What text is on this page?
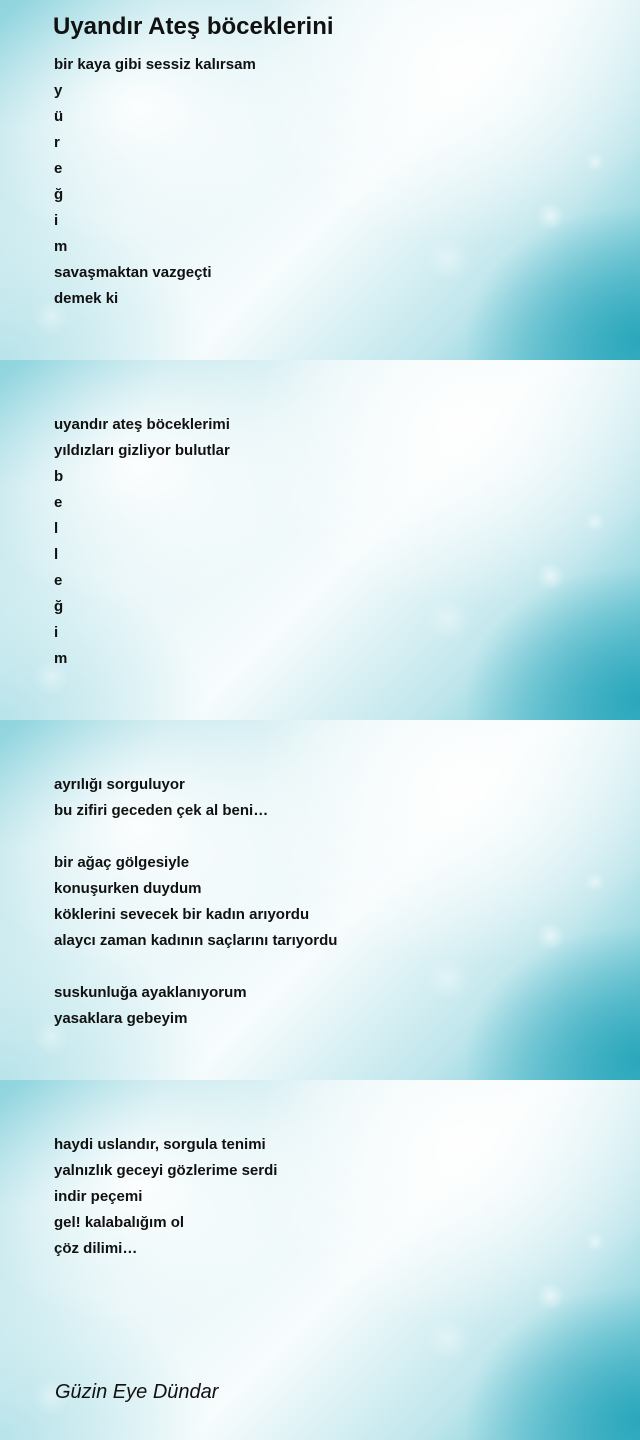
Uyandır Ateş böceklerini
bir kaya gibi sessiz kalırsam
y
ü
r
e
ğ
i
m
savaşmaktan vazgeçti
demek ki
uyandır ateş böceklerimi
yıldızları gizliyor bulutlar
b
e
l
l
e
ğ
i
m
ayrılığı sorguluyor
bu zifiri geceden çek al beni…
bir ağaç gölgesiyle
konuşurken duydum
köklerini sevecek bir kadın arıyordu
alaycı zaman kadının saçlarını tarıyordu
suskunluğa ayaklanıyorum
yasaklara gebeyim
haydi uslandır, sorgula tenimi
yalnızlık geceyi gözlerime serdi
indir peçemi
gel! kalabalığım ol
çöz dilimi…

Güzin Eye Dündar
